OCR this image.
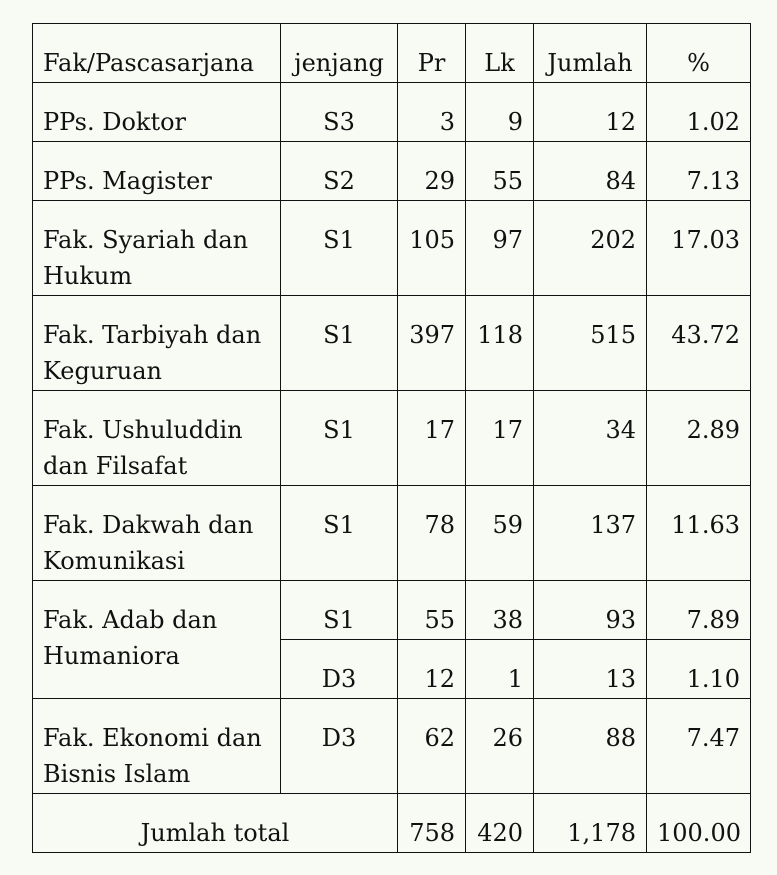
Fak/Pascasarjana	jenjang	Pr	Lk	Jumlah	%
PPs. Doktor	S3	3	9	12	1.02
PPs. Magister	S2	29	55	84	7.13
Fak. Syariah dan Hukum	S1	105	97	202	17.03
Fak. Tarbiyah dan Keguruan	S1	397	118	515	43.72
Fak. Ushuluddin dan Filsafat	S1	17	17	34	2.89
Fak. Dakwah dan Komunikasi	S1	78	59	137	11.63
Fak. Adab dan Humaniora	S1	55	38	93	7.89
	D3	12	1	13	1.10
Fak. Ekonomi dan Bisnis Islam	D3	62	26	88	7.47
Jumlah total		758	420	1,178	100.00
